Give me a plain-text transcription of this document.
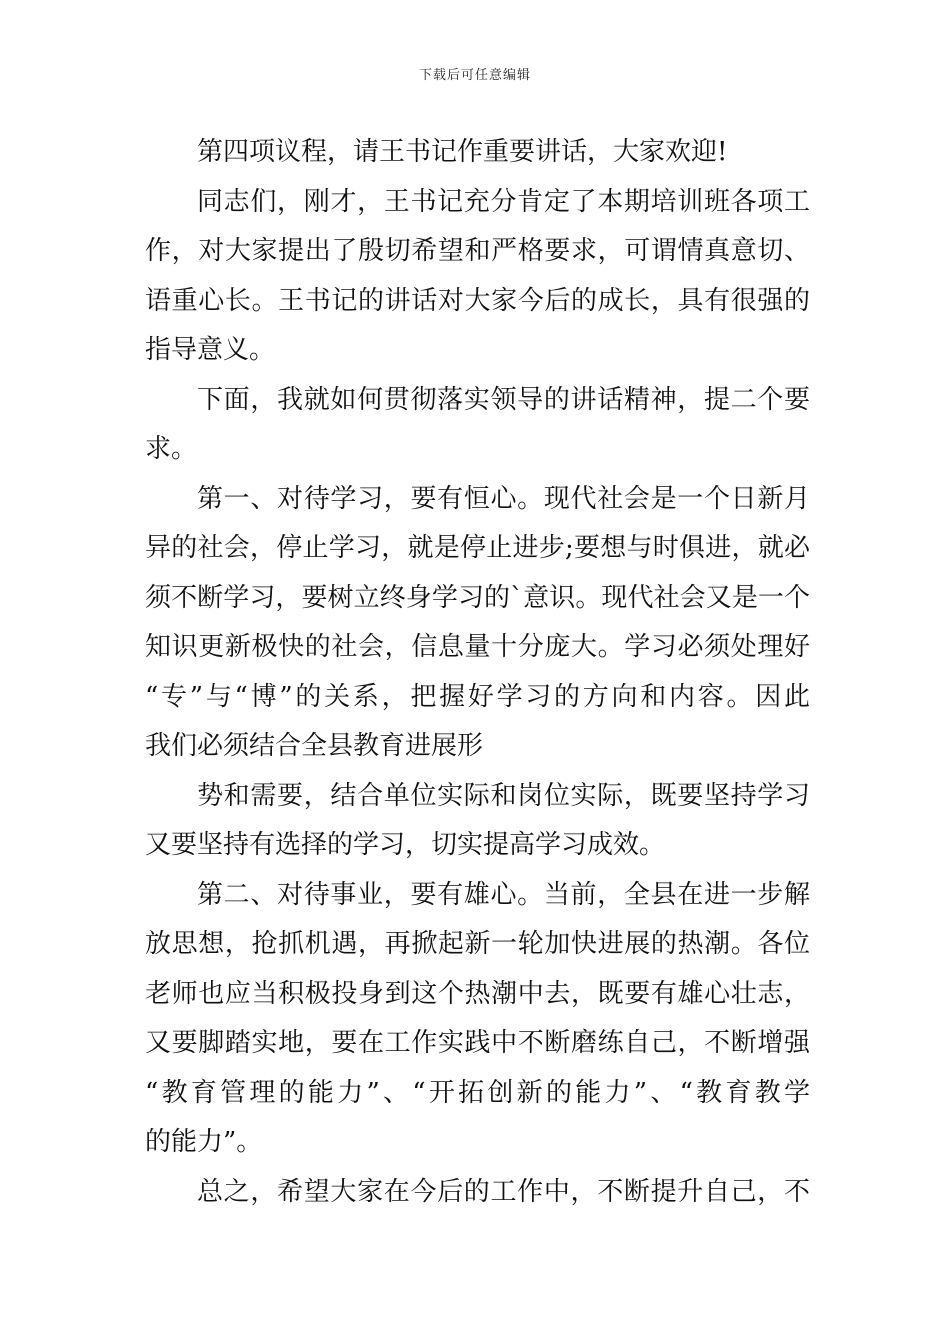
下载后可任意编辑
第四项议程，请王书记作重要讲话，大家欢迎!
同志们，刚才，王书记充分肯定了本期培训班各项工
作，对大家提出了殷切希望和严格要求，可谓情真意切、
语重心长。王书记的讲话对大家今后的成长，具有很强的
指导意义。
下面，我就如何贯彻落实领导的讲话精神，提二个要
求。
第一、对待学习，要有恒心。现代社会是一个日新月
异的社会，停止学习，就是停止进步;要想与时俱进，就必
须不断学习，要树立终身学习的`意识。现代社会又是一个
知识更新极快的社会，信息量十分庞大。学习必须处理好
“专”与“博”的关系，把握好学习的方向和内容。因此
我们必须结合全县教育进展形
势和需要，结合单位实际和岗位实际，既要坚持学习
又要坚持有选择的学习，切实提高学习成效。
第二、对待事业，要有雄心。当前，全县在进一步解
放思想，抢抓机遇，再掀起新一轮加快进展的热潮。各位
老师也应当积极投身到这个热潮中去，既要有雄心壮志，
又要脚踏实地，要在工作实践中不断磨练自己，不断增强
“教育管理的能力”、“开拓创新的能力”、“教育教学
的能力”。
总之，希望大家在今后的工作中，不断提升自己，不
